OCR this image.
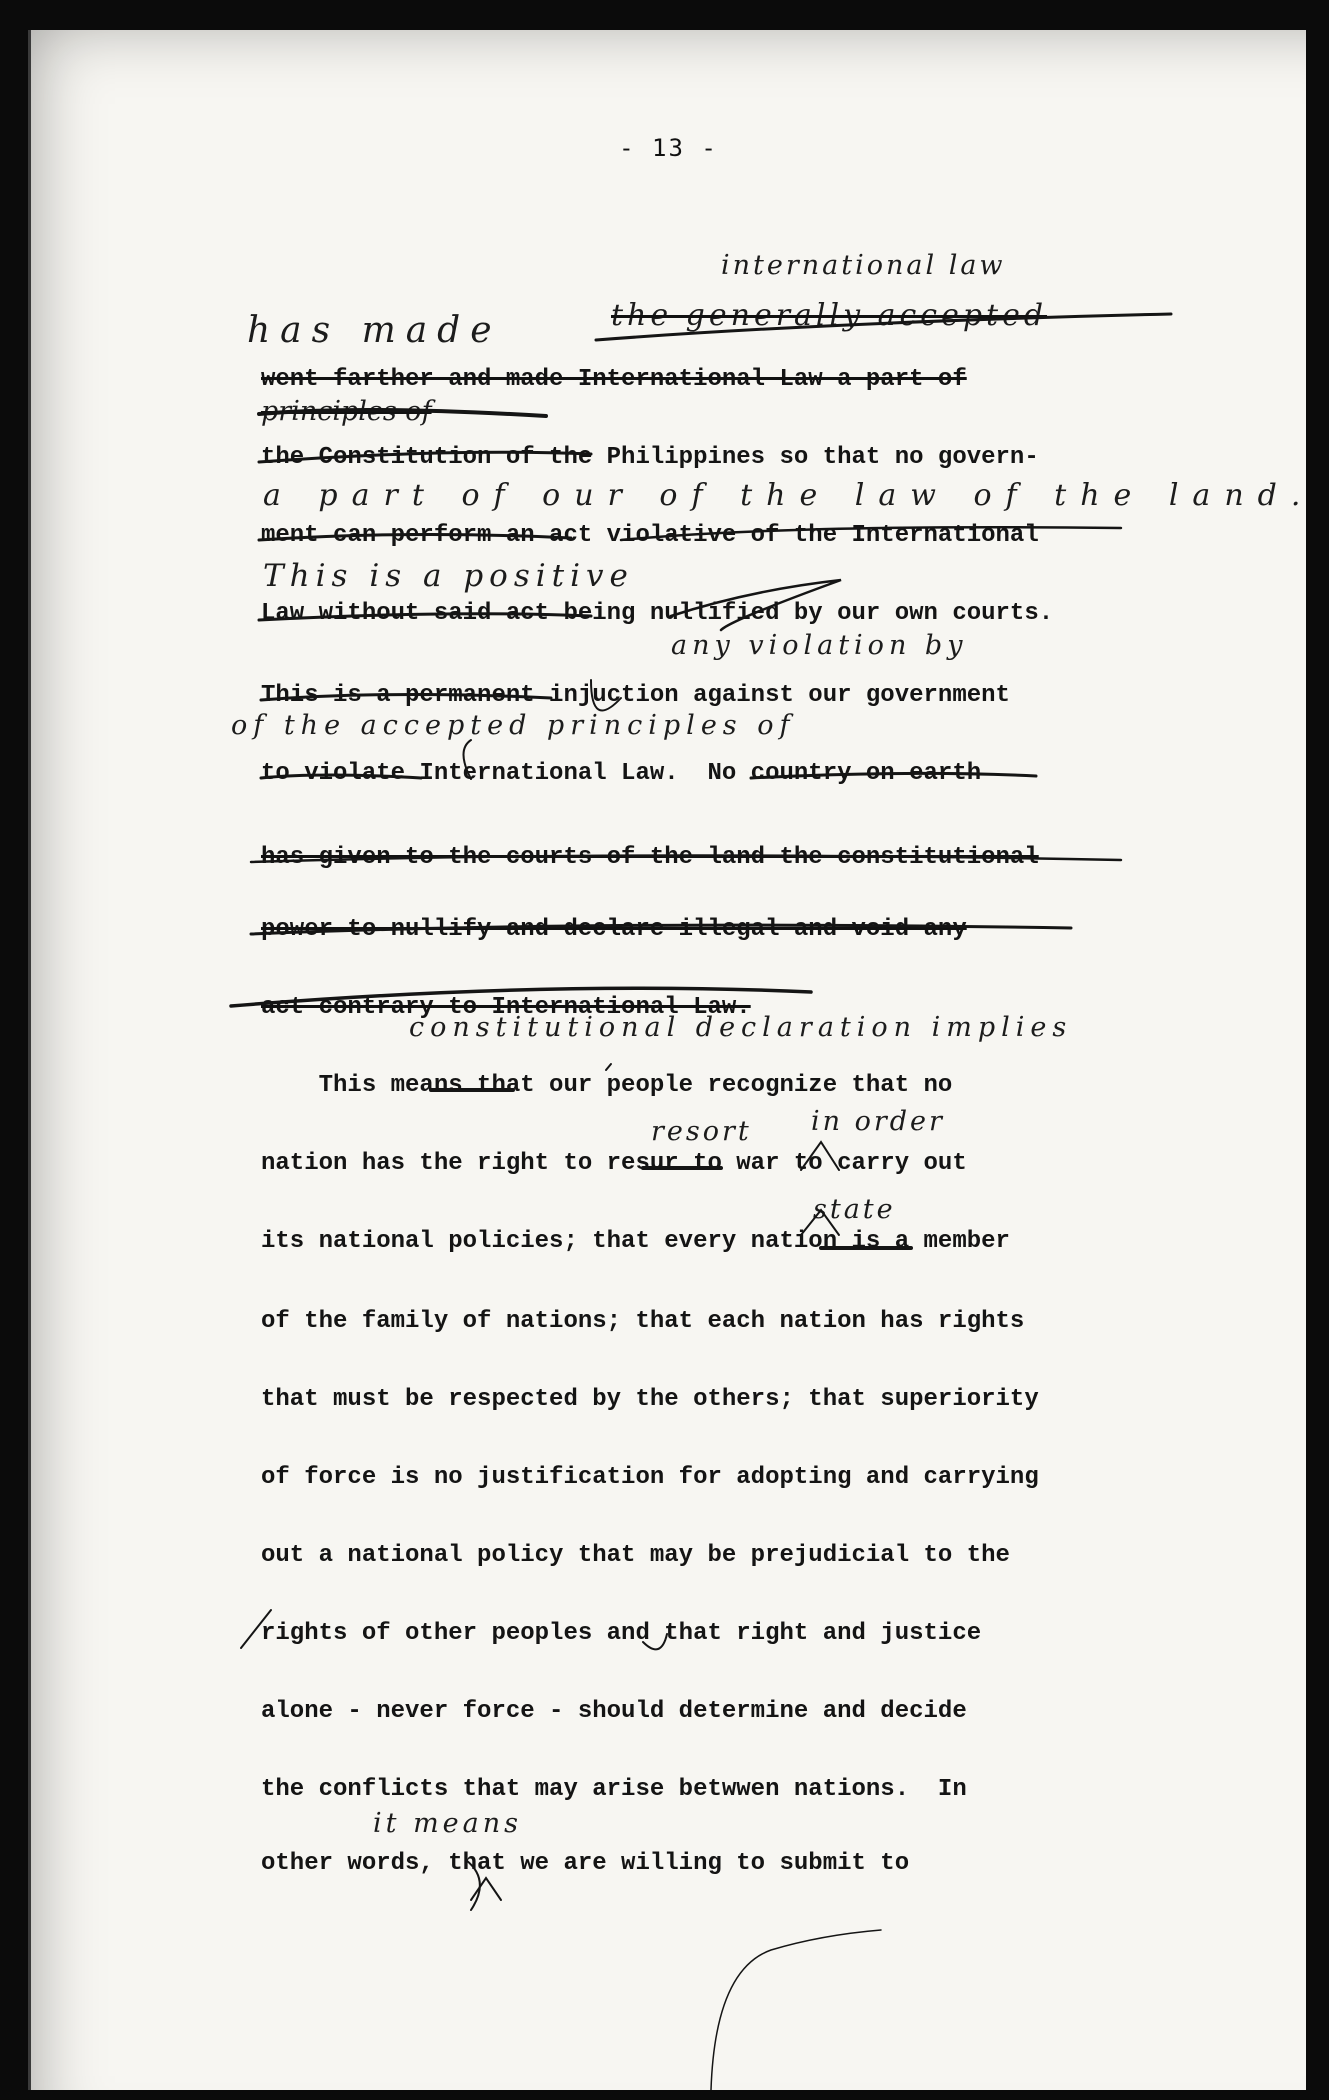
- 13 -
has made	the generally accepted
international law
principles of
a part of our of the law of the land.
This is a positive
any violation by
of the accepted principles of
constitutional declaration implies
resort in order
state
it means
went farther and made International Law a part of
the Constitution of the Philippines so that no govern-
ment can perform an act violative of the International
Law without said act being nullified by our own courts.
This is a permanent injuction against our government
to violate International Law.  No country on earth
has given to the courts of the land the constitutional
power to nullify and declare illegal and void any
act contrary to International Law.
This means that our people recognize that no
nation has the right to resur to war to carry out
its national policies; that every nation is a member
of the family of nations; that each nation has rights
that must be respected by the others; that superiority
of force is no justification for adopting and carrying
out a national policy that may be prejudicial to the
rights of other peoples and that right and justice
alone - never force - should determine and decide
the conflicts that may arise betwwen nations.  In
other words, that we are willing to submit to
